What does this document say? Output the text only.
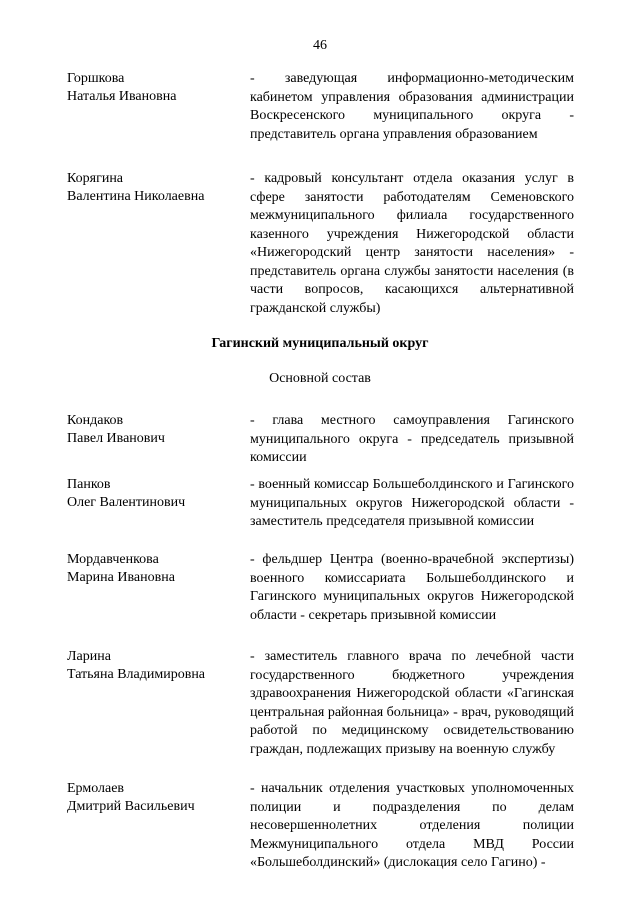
46
Горшкова
Наталья Ивановна
- заведующая информационно-методическим кабинетом управления образования администрации Воскресенского муниципального округа - представитель органа управления образованием
Корягина
Валентина Николаевна
- кадровый консультант отдела оказания услуг в сфере занятости работодателям Семеновского межмуниципального филиала государственного казенного учреждения Нижегородской области «Нижегородский центр занятости населения» - представитель органа службы занятости населения (в части вопросов, касающихся альтернативной гражданской службы)
Гагинский муниципальный округ
Основной состав
Кондаков
Павел Иванович
- глава местного самоуправления Гагинского муниципального округа - председатель призывной комиссии
Панков
Олег Валентинович
- военный комиссар Большеболдинского и Гагинского муниципальных округов Нижегородской области - заместитель председателя призывной комиссии
Мордавченкова
Марина Ивановна
- фельдшер Центра (военно-врачебной экспертизы) военного комиссариата Большеболдинского и Гагинского муниципальных округов Нижегородской области - секретарь призывной комиссии
Ларина
Татьяна Владимировна
- заместитель главного врача по лечебной части государственного бюджетного учреждения здравоохранения Нижегородской области «Гагинская центральная районная больница» - врач, руководящий работой по медицинскому освидетельствованию граждан, подлежащих призыву на военную службу
Ермолаев
Дмитрий Васильевич
- начальник отделения участковых уполномоченных полиции и подразделения по делам несовершеннолетних отделения полиции Межмуниципального отдела МВД России «Большеболдинский» (дислокация село Гагино) -
